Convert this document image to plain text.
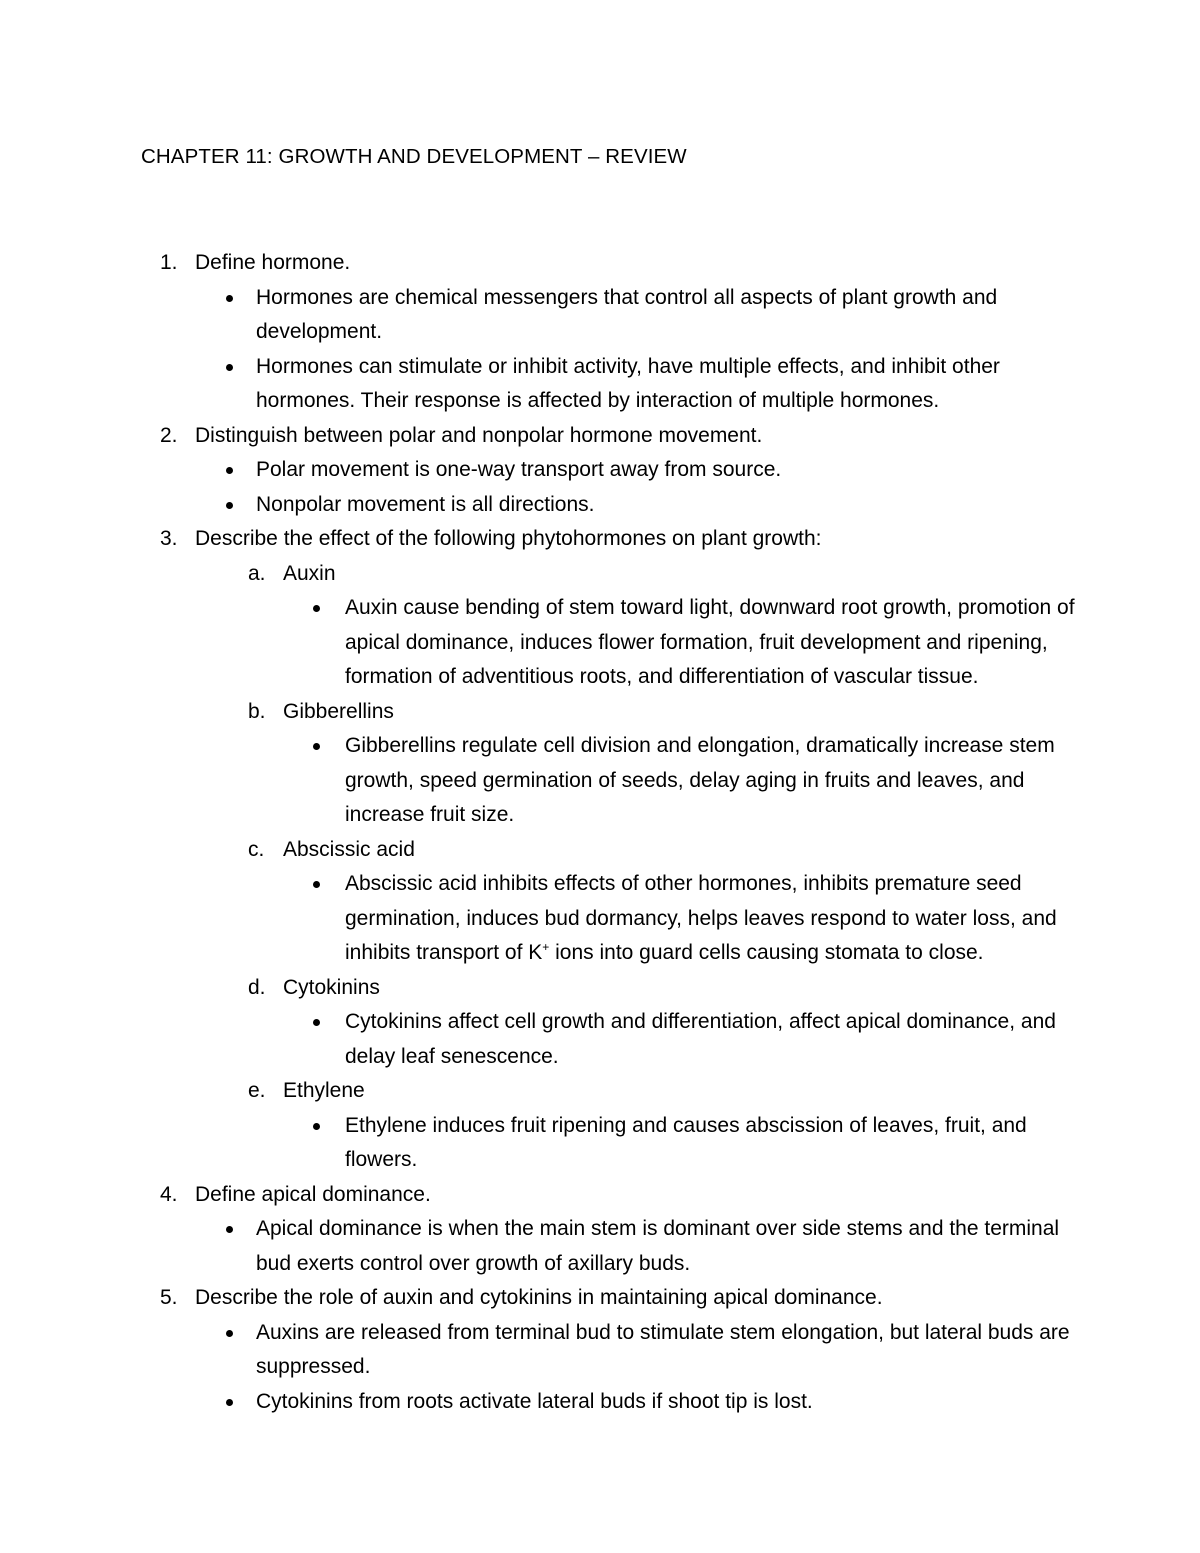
CHAPTER 11: GROWTH AND DEVELOPMENT – REVIEW
1. Define hormone.
Hormones are chemical messengers that control all aspects of plant growth and development.
Hormones can stimulate or inhibit activity, have multiple effects, and inhibit other hormones. Their response is affected by interaction of multiple hormones.
2. Distinguish between polar and nonpolar hormone movement.
Polar movement is one-way transport away from source.
Nonpolar movement is all directions.
3. Describe the effect of the following phytohormones on plant growth:
a. Auxin
Auxin cause bending of stem toward light, downward root growth, promotion of apical dominance, induces flower formation, fruit development and ripening, formation of adventitious roots, and differentiation of vascular tissue.
b. Gibberellins
Gibberellins regulate cell division and elongation, dramatically increase stem growth, speed germination of seeds, delay aging in fruits and leaves, and increase fruit size.
c. Abscissic acid
Abscissic acid inhibits effects of other hormones, inhibits premature seed germination, induces bud dormancy, helps leaves respond to water loss, and inhibits transport of K+ ions into guard cells causing stomata to close.
d. Cytokinins
Cytokinins affect cell growth and differentiation, affect apical dominance, and delay leaf senescence.
e. Ethylene
Ethylene induces fruit ripening and causes abscission of leaves, fruit, and flowers.
4. Define apical dominance.
Apical dominance is when the main stem is dominant over side stems and the terminal bud exerts control over growth of axillary buds.
5. Describe the role of auxin and cytokinins in maintaining apical dominance.
Auxins are released from terminal bud to stimulate stem elongation, but lateral buds are suppressed.
Cytokinins from roots activate lateral buds if shoot tip is lost.
